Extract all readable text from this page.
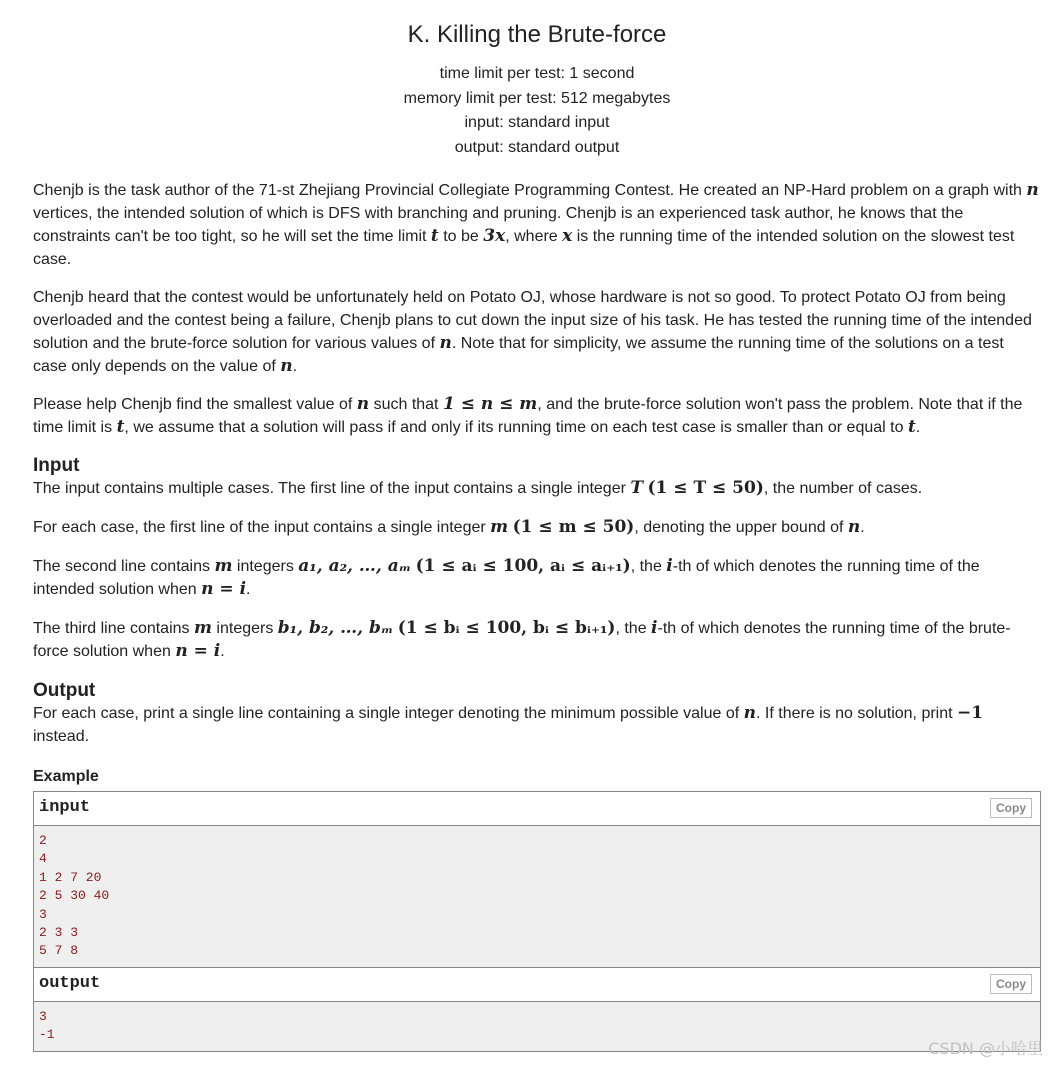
K. Killing the Brute-force
time limit per test: 1 second
memory limit per test: 512 megabytes
input: standard input
output: standard output

Chenjb is the task author of the 71-st Zhejiang Provincial Collegiate Programming Contest. He created an NP-Hard problem on a graph with n vertices, the intended solution of which is DFS with branching and pruning. Chenjb is an experienced task author, he knows that the constraints can't be too tight, so he will set the time limit t to be 3x, where x is the running time of the intended solution on the slowest test case.

Chenjb heard that the contest would be unfortunately held on Potato OJ, whose hardware is not so good. To protect Potato OJ from being overloaded and the contest being a failure, Chenjb plans to cut down the input size of his task. He has tested the running time of the intended solution and the brute-force solution for various values of n. Note that for simplicity, we assume the running time of the solutions on a test case only depends on the value of n.

Please help Chenjb find the smallest value of n such that 1 ≤ n ≤ m, and the brute-force solution won't pass the problem. Note that if the time limit is t, we assume that a solution will pass if and only if its running time on each test case is smaller than or equal to t.

Input

The input contains multiple cases. The first line of the input contains a single integer T (1 ≤ T ≤ 50), the number of cases.

For each case, the first line of the input contains a single integer m (1 ≤ m ≤ 50), denoting the upper bound of n.

The second line contains m integers a₁, a₂, …, aₘ (1 ≤ aᵢ ≤ 100, aᵢ ≤ aᵢ₊₁), the i-th of which denotes the running time of the intended solution when n = i.

The third line contains m integers b₁, b₂, …, bₘ (1 ≤ bᵢ ≤ 100, bᵢ ≤ bᵢ₊₁), the i-th of which denotes the running time of the brute-force solution when n = i.

Output

For each case, print a single line containing a single integer denoting the minimum possible value of n. If there is no solution, print −1 instead.

Example
input	Copy
2
4
1 2 7 20
2 5 30 40
3
2 3 3
5 7 8
output	Copy
3
-1
CSDN @小哈里
